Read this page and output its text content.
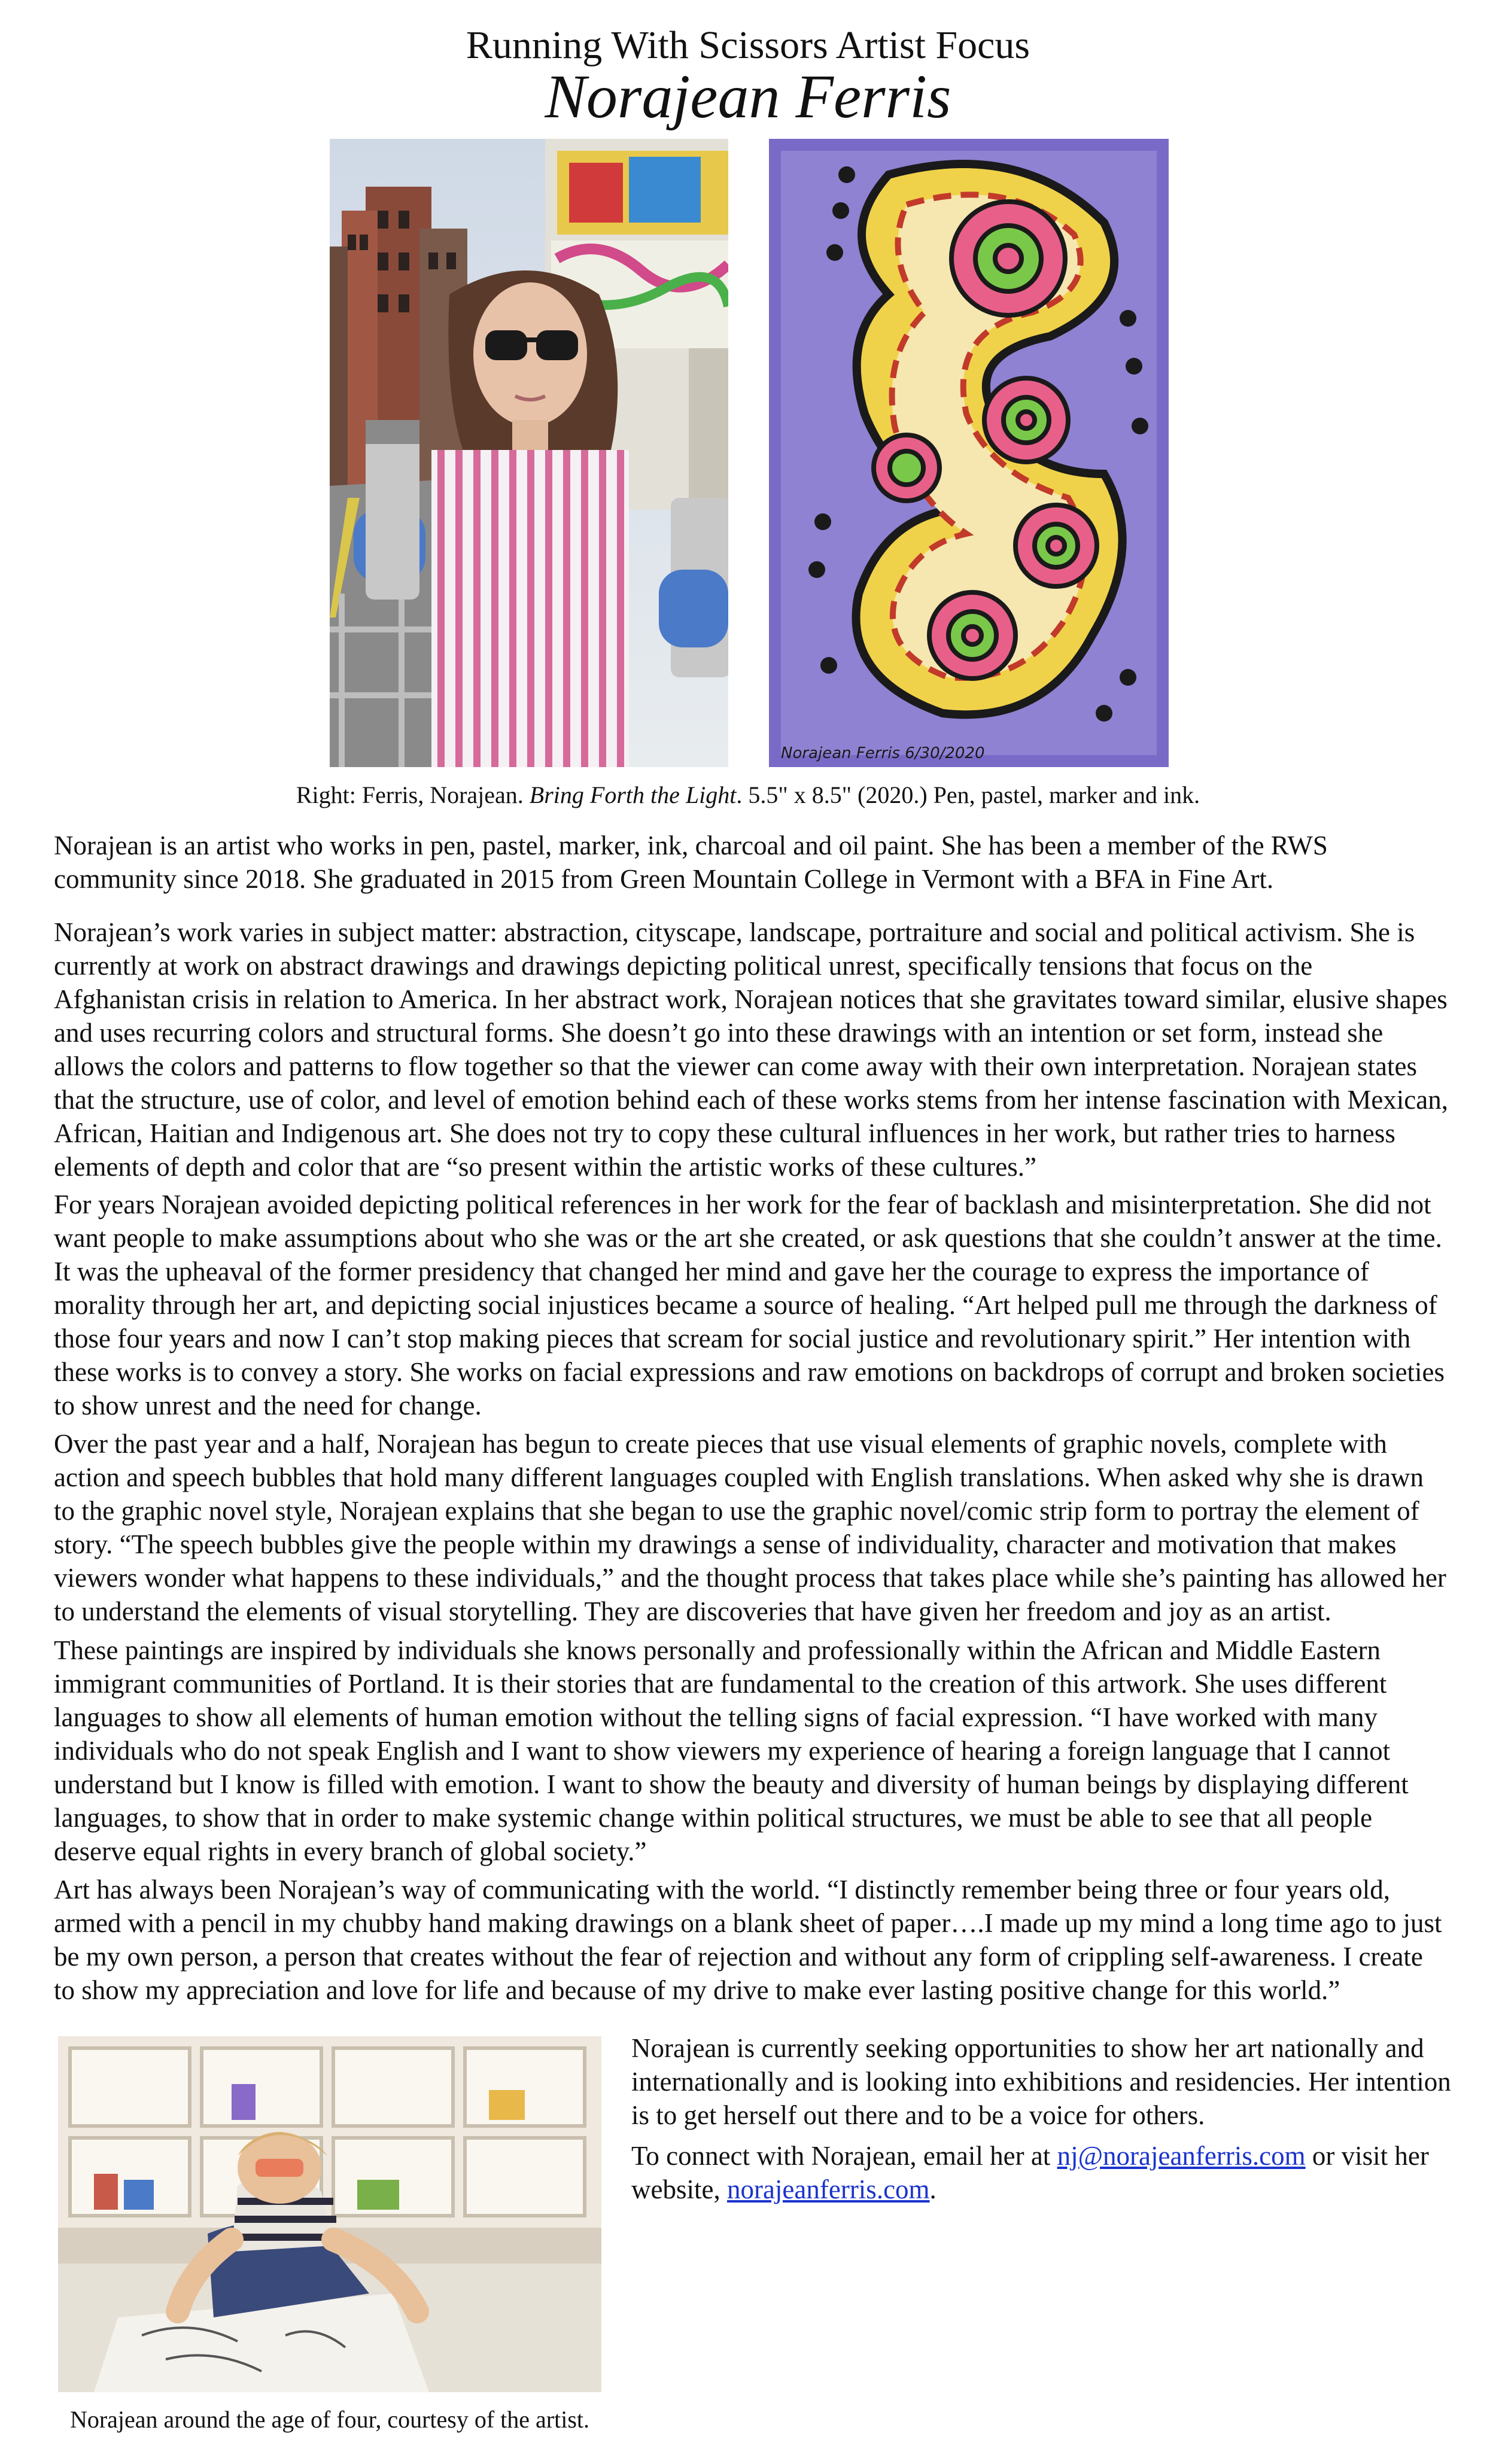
Running With Scissors Artist Focus
Norajean Ferris
Norajean Ferris 6/30/2020
Right: Ferris, Norajean. Bring Forth the Light. 5.5" x 8.5" (2020.) Pen, pastel, marker and ink.

Norajean is an artist who works in pen, pastel, marker, ink, charcoal and oil paint. She has been a member of the RWS community since 2018. She graduated in 2015 from Green Mountain College in Vermont with a BFA in Fine Art.

Norajean’s work varies in subject matter: abstraction, cityscape, landscape, portraiture and social and political activism. She is currently at work on abstract drawings and drawings depicting political unrest, specifically tensions that focus on the Afghanistan crisis in relation to America. In her abstract work, Norajean notices that she gravitates toward similar, elusive shapes and uses recurring colors and structural forms. She doesn’t go into these drawings with an intention or set form, instead she allows the colors and patterns to flow together so that the viewer can come away with their own interpretation. Norajean states that the structure, use of color, and level of emotion behind each of these works stems from her intense fascination with Mexican, African, Haitian and Indigenous art. She does not try to copy these cultural influences in her work, but rather tries to harness elements of depth and color that are “so present within the artistic works of these cultures.”

For years Norajean avoided depicting political references in her work for the fear of backlash and misinterpretation. She did not want people to make assumptions about who she was or the art she created, or ask questions that she couldn’t answer at the time. It was the upheaval of the former presidency that changed her mind and gave her the courage to express the importance of morality through her art, and depicting social injustices became a source of healing. “Art helped pull me through the darkness of those four years and now I can’t stop making pieces that scream for social justice and revolutionary spirit.” Her intention with these works is to convey a story. She works on facial expressions and raw emotions on backdrops of corrupt and broken societies to show unrest and the need for change.

Over the past year and a half, Norajean has begun to create pieces that use visual elements of graphic novels, complete with action and speech bubbles that hold many different languages coupled with English translations. When asked why she is drawn to the graphic novel style, Norajean explains that she began to use the graphic novel/comic strip form to portray the element of story. “The speech bubbles give the people within my drawings a sense of individuality, character and motivation that makes viewers wonder what happens to these individuals,” and the thought process that takes place while she’s painting has allowed her to understand the elements of visual storytelling. They are discoveries that have given her freedom and joy as an artist.

These paintings are inspired by individuals she knows personally and professionally within the African and Middle Eastern immigrant communities of Portland. It is their stories that are fundamental to the creation of this artwork. She uses different languages to show all elements of human emotion without the telling signs of facial expression. “I have worked with many individuals who do not speak English and I want to show viewers my experience of hearing a foreign language that I cannot understand but I know is filled with emotion. I want to show the beauty and diversity of human beings by displaying different languages, to show that in order to make systemic change within political structures, we must be able to see that all people deserve equal rights in every branch of global society.”

Art has always been Norajean’s way of communicating with the world. “I distinctly remember being three or four years old, armed with a pencil in my chubby hand making drawings on a blank sheet of paper….I made up my mind a long time ago to just be my own person, a person that creates without the fear of rejection and without any form of crippling self-awareness. I create to show my appreciation and love for life and because of my drive to make ever lasting positive change for this world.”

Norajean around the age of four, courtesy of the artist.

Norajean is currently seeking opportunities to show her art nationally and internationally and is looking into exhibitions and residencies. Her intention is to get herself out there and to be a voice for others.

To connect with Norajean, email her at nj@norajeanferris.com or visit her website, norajeanferris.com.
